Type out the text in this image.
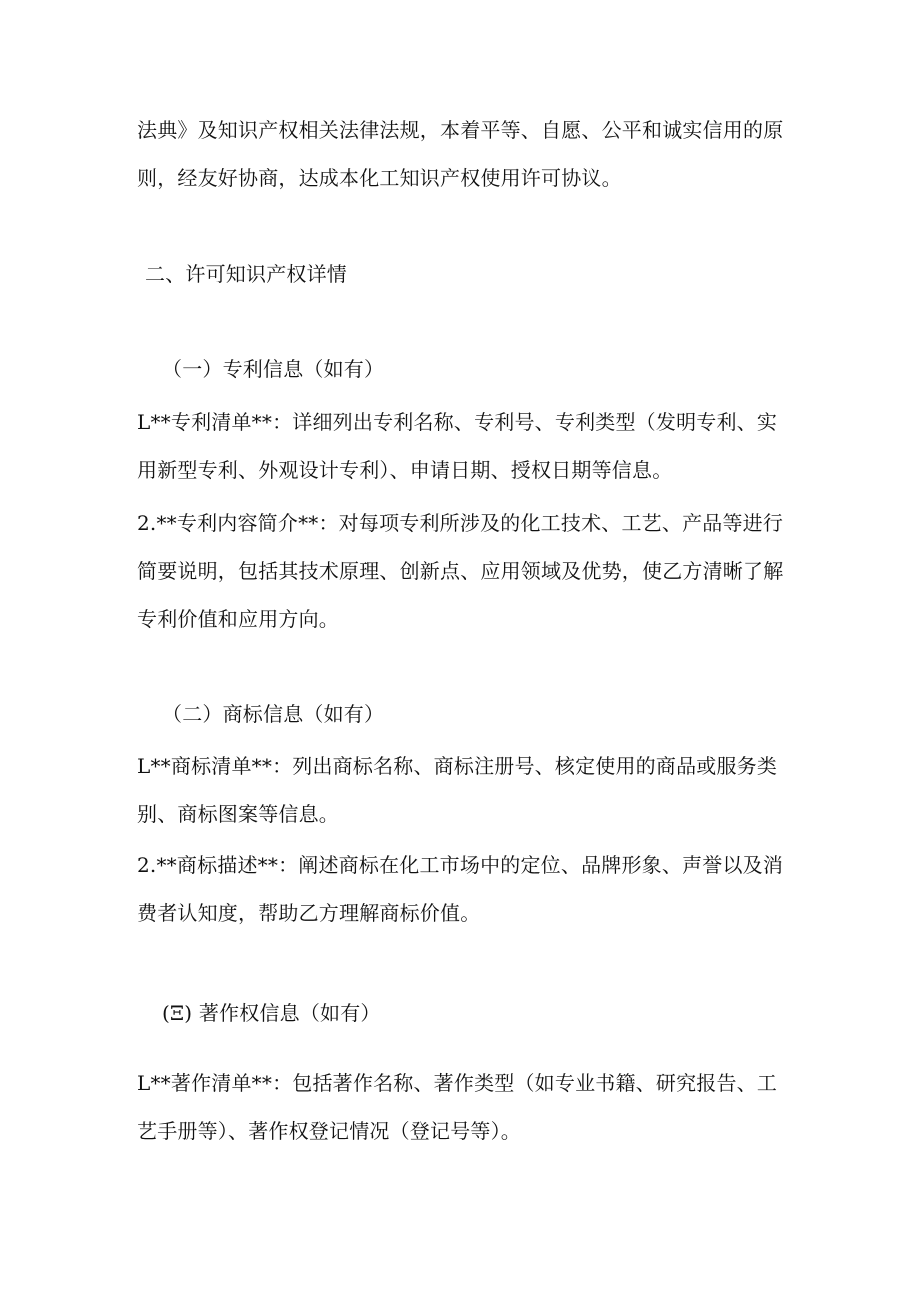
法典》及知识产权相关法律法规，本着平等、自愿、公平和诚实信用的原
则，经友好协商，达成本化工知识产权使用许可协议。
二、许可知识产权详情
（一）专利信息（如有）
L**专利清单**：详细列出专利名称、专利号、专利类型（发明专利、实
用新型专利、外观设计专利）、申请日期、授权日期等信息。
2.**专利内容简介**：对每项专利所涉及的化工技术、工艺、产品等进行
简要说明，包括其技术原理、创新点、应用领域及优势，使乙方清晰了解
专利价值和应用方向。
（二）商标信息（如有）
L**商标清单**：列出商标名称、商标注册号、核定使用的商品或服务类
别、商标图案等信息。
2.**商标描述**：阐述商标在化工市场中的定位、品牌形象、声誉以及消
费者认知度，帮助乙方理解商标价值。
(Ξ) 著作权信息（如有）
L**著作清单**：包括著作名称、著作类型（如专业书籍、研究报告、工
艺手册等）、著作权登记情况（登记号等）。
